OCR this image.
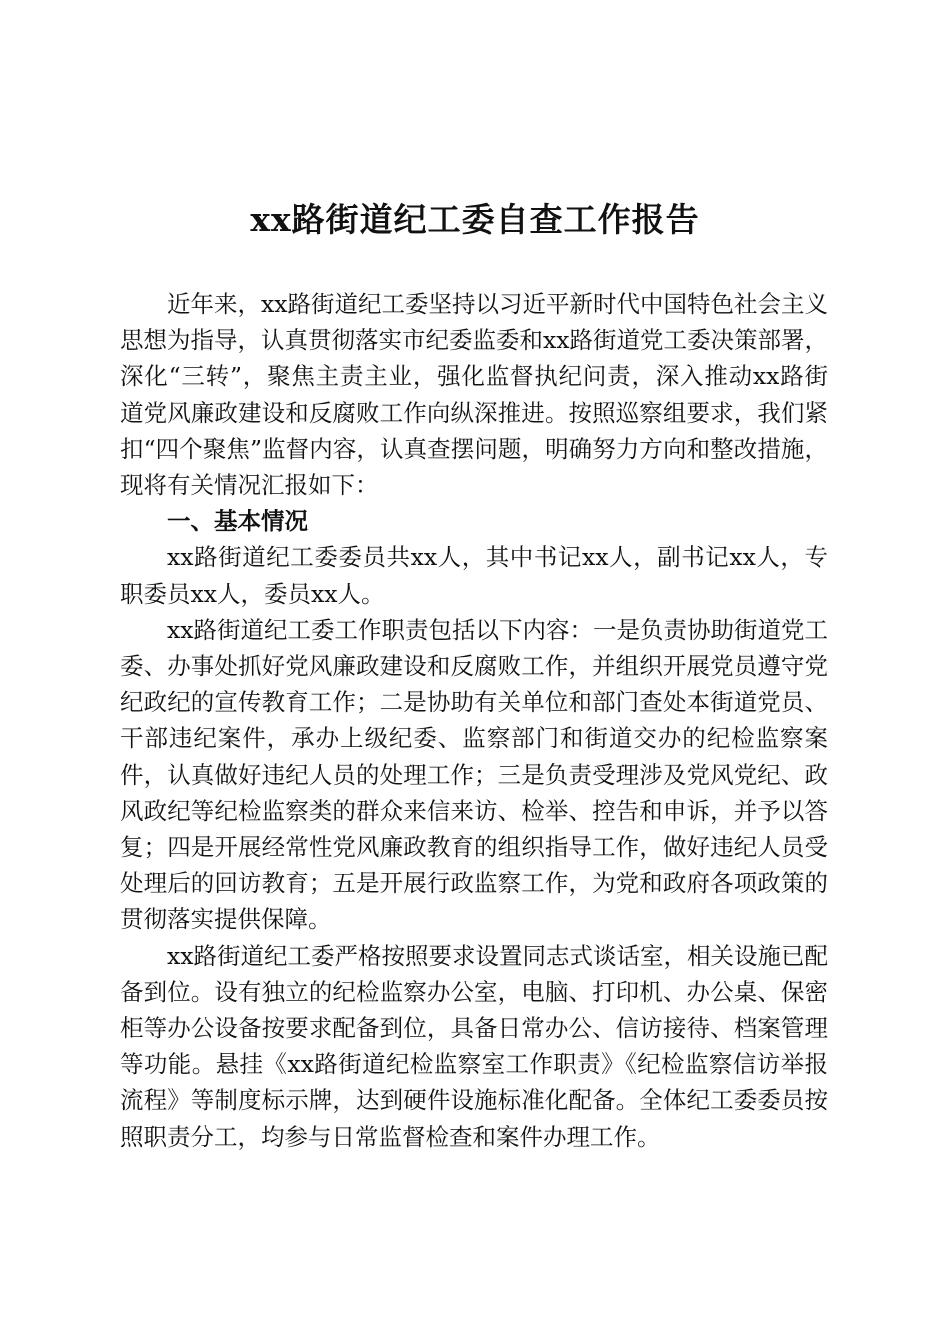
xx路街道纪工委自查工作报告

近年来，xx路街道纪工委坚持以习近平新时代中国特色社会主义思想为指导，认真贯彻落实市纪委监委和xx路街道党工委决策部署，深化“三转”，聚焦主责主业，强化监督执纪问责，深入推动xx路街道党风廉政建设和反腐败工作向纵深推进。按照巡察组要求，我们紧扣“四个聚焦”监督内容，认真查摆问题，明确努力方向和整改措施，现将有关情况汇报如下：

一、基本情况

xx路街道纪工委委员共xx人，其中书记xx人，副书记xx人，专职委员xx人，委员xx人。

xx路街道纪工委工作职责包括以下内容：一是负责协助街道党工委、办事处抓好党风廉政建设和反腐败工作，并组织开展党员遵守党纪政纪的宣传教育工作；二是协助有关单位和部门查处本街道党员、干部违纪案件，承办上级纪委、监察部门和街道交办的纪检监察案件，认真做好违纪人员的处理工作；三是负责受理涉及党风党纪、政风政纪等纪检监察类的群众来信来访、检举、控告和申诉，并予以答复；四是开展经常性党风廉政教育的组织指导工作，做好违纪人员受处理后的回访教育；五是开展行政监察工作，为党和政府各项政策的贯彻落实提供保障。

xx路街道纪工委严格按照要求设置同志式谈话室，相关设施已配备到位。设有独立的纪检监察办公室，电脑、打印机、办公桌、保密柜等办公设备按要求配备到位，具备日常办公、信访接待、档案管理等功能。悬挂《xx路街道纪检监察室工作职责》《纪检监察信访举报流程》等制度标示牌，达到硬件设施标准化配备。全体纪工委委员按照职责分工，均参与日常监督检查和案件办理工作。
